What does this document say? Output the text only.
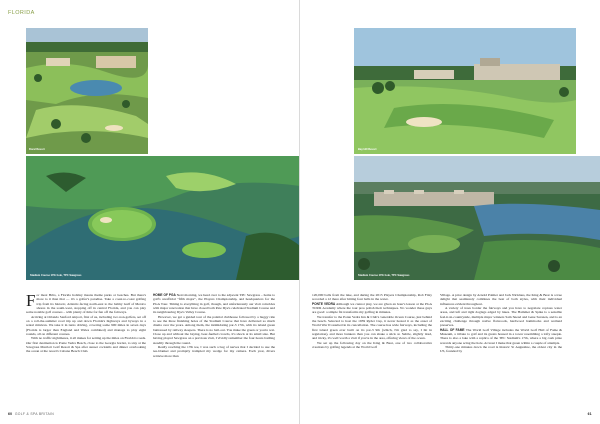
FLORIDA
Doral Resort
Stadium Course 17th hole, TPC Sawgrass
F or most Brits, a Florida holiday means theme parks or beaches. But there's more to it than that — it's a golfer's paradise. Take a coast-to-coast golfing trip from its historic, Atlantic-facing north-east to the balmy Gulf of Mexico shores in the south-west, stopping off in central Florida, and you can play some notable golf courses – with plenty of time for fun off the fairways.

Arriving at Orlando Sanford Airport, first of us, including two non-golfers, set off on a roll-the-summer road trip up and down Florida's highways and byways in a rental minivan. We take it in turns driving, covering some 900 miles in seven days (Florida is larger than England and Wales combined) and manage to play eight rounds, all on different courses.

With no traffic nightmares, it all makes for setting up the miles on Florida's roads. Our first destination is Ponte Vedra Beach, close to the Georgia border, to stay at the Sawgrass Marriott Golf Resort & Spa after sunset cocktails and dinner overlooking the ocean at the resort's Cabana Beach Club.

HOME OF PGA Next morning, we head over to the adjacent TPC Sawgrass – home to golf's unofficial "fifth major", the Players Championship, and headquarters for the PGA Tour. Timing is everything in golf, though, and unfortunately our visit coincides with major renovation that have closed both Pete Dye's celebrated Stadium Course and its neighbouring Dye's Valley Course.

However, we get a guided tour of the palatial clubhouse followed by a buggy ride to see the three finishing holes of the Stadium Course that have delivered so much drama over the years. Among them, the intimidating par-3 17th, with its island green buttressed by railway sleepers. There is no bail-out. You make the green or you're wet. Close up and without the baying, beer-fuelled crowds, it's shock at its small size. But having played Sawgrass on a previous visit, I vividly remember the four hours battling steadily through the round.

Really reaching the 17th tee, I was such a bag of nerves that I decided to use the tea-blanket and promptly trampled my wedge for my camera. Each year, divers retrieve more than

60 GOLF & SPA BRITAIN
Bay Hill Resort
Stadium Course 17th hole, TPC Sawgrass

120,000 balls from the lake, and during the 2015 Players Championship, Rob Fitzy recorded a 12 there after hitting four balls in the water.

PONTE VEDRA Although we cannot play, we are given an hour's lesson at the PGA TOUR Academy where the tour pros polish their techniques. No wonder these guys are good: a simple fix transforms my golfing in minutes.

We transfer to the Ponte Vedra Inn & Club's venerable Ocean Course, just behind the beach. Selected to host the 1939 Ryder Cup, it never hosted it as the onset of World War II resulted in its cancellation. The course has wide fairways, including the first island green ever built on its par-3 9th (which, I'm glad to say, I hit in regulation), and more bunkers than you can shake a stick at. Subtle, slightly tired, and tricky, it's well worth a visit if you're in the area, offering views of the ocean.

We set up the following day on the King & Bear, one of two collaborative creations by golfing legends at the World Golf

Village. A prior design by Arnold Palmer and Jack Nicklaus, the King & Bear is a true delight that seamlessly combines the best of both styles, with their individual influences evident throughout.

A variety of trees border the fairways and you have to negotiate copious water areas, and left and right doglegs edged by lakes. The Hammer & Spike is a sensible feel-it-in-countryside, multiple major winners Sam Snead and Gene Sarazen, and is an exciting challenge through native flatwoods, hardwood hammocks and wetland preserves.

HALL OF FAME The World Golf Village includes the World Golf Hall of Fame & Museum, a tribute to golf and its greats housed in a tower resembling a lofty steeple. There is also a lake with a replica of the TPC Stadium's 17th, where a big cash prize rewards anyone acing the hole. At least I make that green within a couple of attempts.

Thirty-one minutes down the road is historic St Augustine, the oldest city in the US, founded by

61
